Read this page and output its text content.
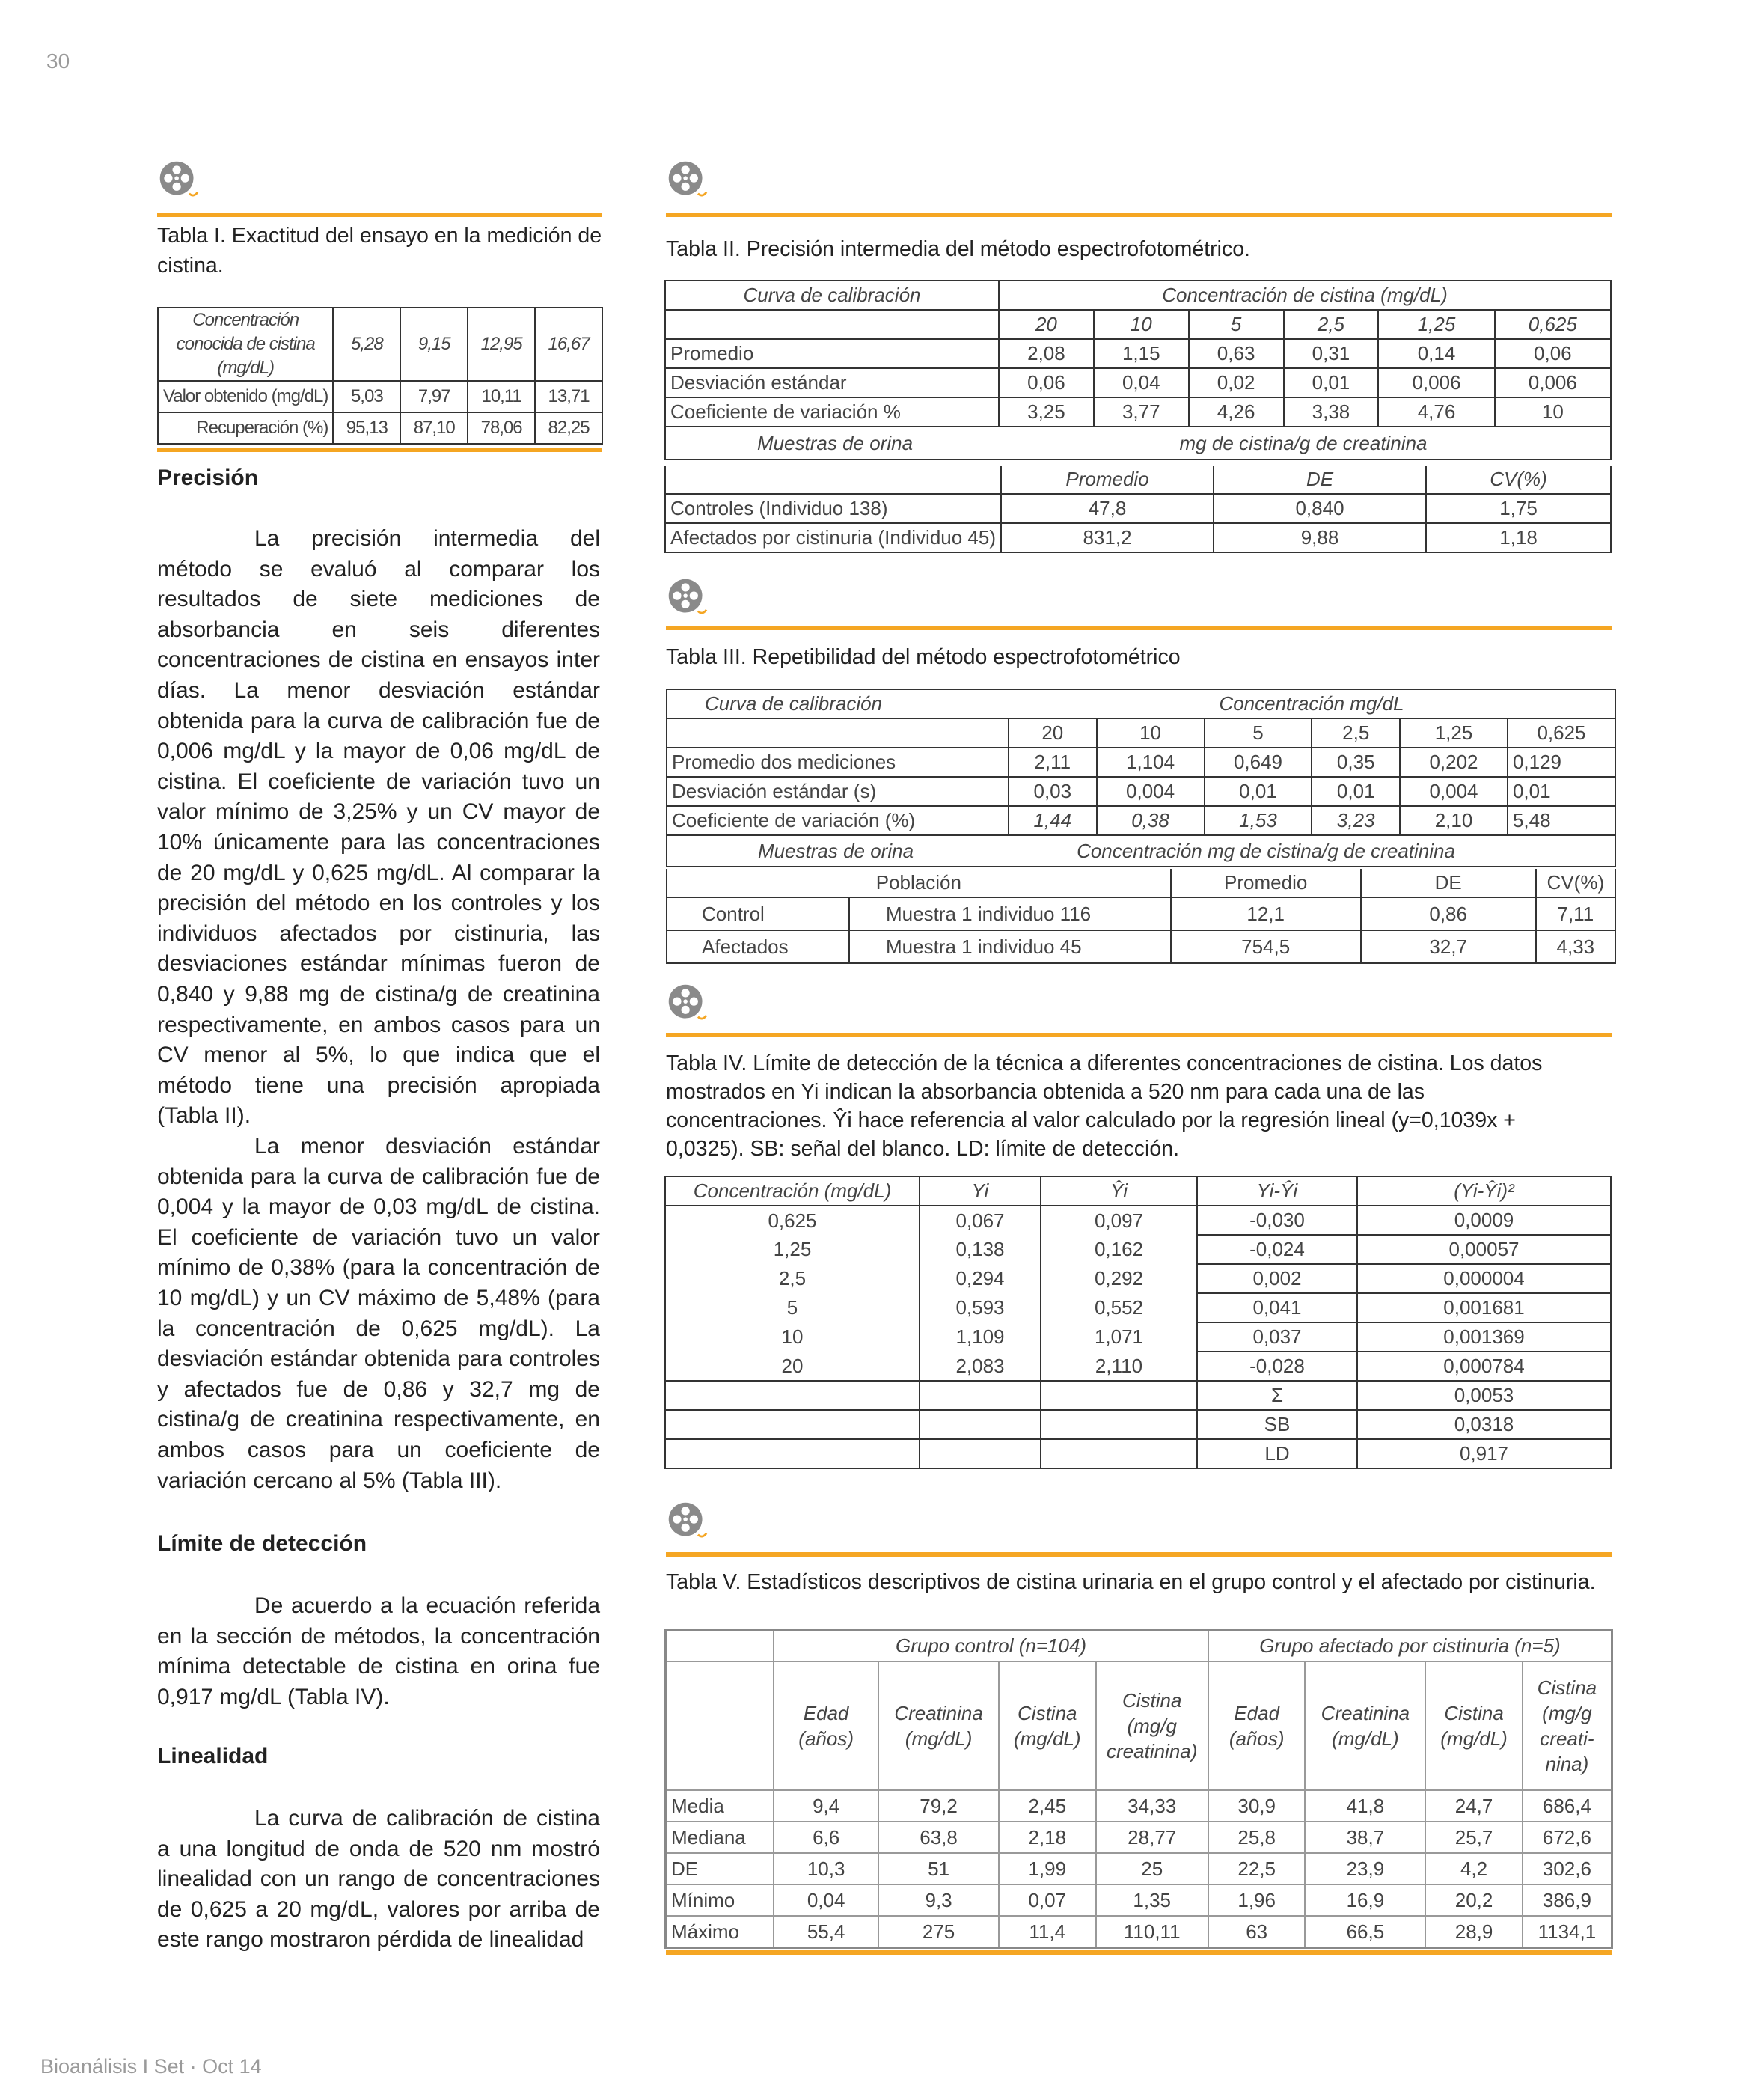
30
Tabla I. Exactitud del ensayo en la medición de cistina.
Concentración conocida de cistina (mg/dL)	5,28	9,15	12,95	16,67
Valor obtenido (mg/dL)	5,03	7,97	10,11	13,71
Recuperación (%)	95,13	87,10	78,06	82,25
Precisión

La precisión intermedia del método se evaluó al comparar los resultados de siete mediciones de absorbancia en seis diferentes concentraciones de cistina en ensayos inter días. La menor desviación estándar obtenida para la curva de calibración fue de 0,006 mg/dL y la mayor de 0,06 mg/dL de cistina. El coeficiente de variación tuvo un valor mínimo de 3,25% y un CV mayor de 10% únicamente para las concentraciones de 20 mg/dL y 0,625 mg/dL. Al comparar la precisión del método en los controles y los individuos afectados por cistinuria, las desviaciones estándar mínimas fueron de 0,840 y 9,88 mg de cistina/g de creatinina respectivamente, en ambos casos para un CV menor al 5%, lo que indica que el método tiene una precisión apropiada (Tabla II).

La menor desviación estándar obtenida para la curva de calibración fue de 0,004 y la mayor de 0,03 mg/dL de cistina. El coeficiente de variación tuvo un valor mínimo de 0,38% (para la concentración de 10 mg/dL) y un CV máximo de 5,48% (para la concentración de 0,625 mg/dL). La desviación estándar obtenida para controles y afectados fue de 0,86 y 32,7 mg de cistina/g de creatinina respectivamente, en ambos casos para un coeficiente de variación cercano al 5% (Tabla III).

Límite de detección

De acuerdo a la ecuación referida en la sección de métodos, la concentración mínima detectable de cistina en orina fue 0,917 mg/dL (Tabla IV).

Linealidad

La curva de calibración de cistina a una longitud de onda de 520 nm mostró linealidad con un rango de concentraciones de 0,625 a 20 mg/dL, valores por arriba de este rango mostraron pérdida de linealidad

Tabla II. Precisión intermedia del método espectrofotométrico.
Curva de calibración	Concentración de cistina (mg/dL)					
	20	10	5	2,5	1,25	0,625
Promedio	2,08	1,15	0,63	0,31	0,14	0,06
Desviación estándar	0,06	0,04	0,02	0,01	0,006	0,006
Coeficiente de variación %	3,25	3,77	4,26	3,38	4,76	10
Muestras de orina mg de cistina/g de creatinina						
	Promedio	DE	CV(%)
Controles (Individuo 138)	47,8	0,840	1,75
Afectados por cistinuria (Individuo 45)	831,2	9,88	1,18
Tabla III. Repetibilidad del método espectrofotométrico
Curva de calibración	Concentración mg/dL					
	20	10	5	2,5	1,25	0,625
Promedio dos mediciones	2,11	1,104	0,649	0,35	0,202	0,129
Desviación estándar (s)	0,03	0,004	0,01	0,01	0,004	0,01
Coeficiente de variación (%)	1,44	0,38	1,53	3,23	2,10	5,48
Muestras de orina Concentración mg de cistina/g de creatinina						
Población		Promedio	DE	CV(%)
Control	Muestra 1 individuo 116	12,1	0,86	7,11
Afectados	Muestra 1 individuo 45	754,5	32,7	4,33
Tabla IV. Límite de detección de la técnica a diferentes concentraciones de cistina. Los datos mostrados en Yi indican la absorbancia obtenida a 520 nm para cada una de las concentraciones. Ŷi hace referencia al valor calculado por la regresión lineal (y=0,1039x + 0,0325). SB: señal del blanco. LD: límite de detección.
Concentración (mg/dL)	Yi	Ŷi	Yi-Ŷi	(Yi-Ŷi)²
0,625	0,067	0,097	-0,030	0,0009
1,25	0,138	0,162	-0,024	0,00057
2,5	0,294	0,292	0,002	0,000004
5	0,593	0,552	0,041	0,001681
10	1,109	1,071	0,037	0,001369
20	2,083	2,110	-0,028	0,000784
			Σ	0,0053
			SB	0,0318
			LD	0,917
Tabla V. Estadísticos descriptivos de cistina urinaria en el grupo control y el afectado por cistinuria.
	Grupo control (n=104)				Grupo afectado por cistinuria (n=5)			
	Edad (años)	Creatinina (mg/dL)	Cistina (mg/dL)	Cistina (mg/g creatinina)	Edad (años)	Creatinina (mg/dL)	Cistina (mg/dL)	Cistina (mg/g creati-nina)
Media	9,4	79,2	2,45	34,33	30,9	41,8	24,7	686,4
Mediana	6,6	63,8	2,18	28,77	25,8	38,7	25,7	672,6
DE	10,3	51	1,99	25	22,5	23,9	4,2	302,6
Mínimo	0,04	9,3	0,07	1,35	1,96	16,9	20,2	386,9
Máximo	55,4	275	11,4	110,11	63	66,5	28,9	1134,1
Bioanálisis I Set · Oct 14
